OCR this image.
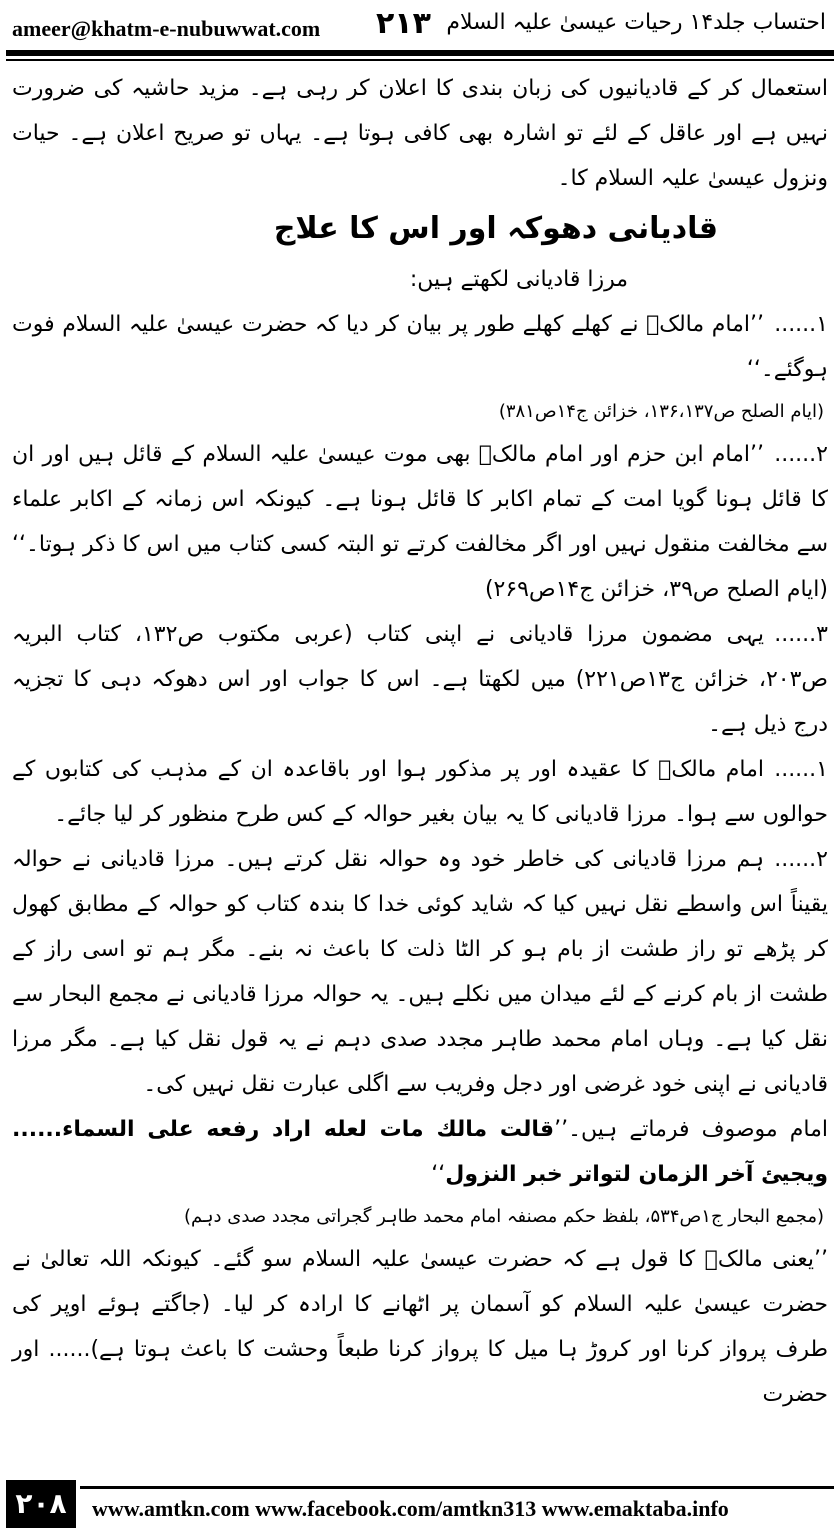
ameer@khatm-e-nubuwwat.com ۲۱۳ احتساب جلد۱۴ رحیات عیسیٰ علیہ السلام

استعمال کر کے قادیانیوں کی زبان بندی کا اعلان کر رہی ہے۔ مزید حاشیہ کی ضرورت نہیں ہے اور عاقل کے لئے تو اشارہ بھی کافی ہوتا ہے۔ یہاں تو صریح اعلان ہے۔ حیات ونزول عیسیٰ علیہ السلام کا۔

قادیانی دھوکہ اور اس کا علاج

مرزا قادیانی لکھتے ہیں:

۱......’’امام مالکؒ نے کھلے کھلے طور پر بیان کر دیا کہ حضرت عیسیٰ علیہ السلام فوت ہوگئے۔‘‘

(ایام الصلح ص۱۳۶،۱۳۷، خزائن ج۱۴ص۳۸۱)

۲......’’امام ابن حزم اور امام مالکؒ بھی موت عیسیٰ علیہ السلام کے قائل ہیں اور ان کا قائل ہونا گویا امت کے تمام اکابر کا قائل ہونا ہے۔ کیونکہ اس زمانہ کے اکابر علماء سے مخالفت منقول نہیں اور اگر مخالفت کرتے تو البتہ کسی کتاب میں اس کا ذکر ہوتا۔‘‘ (ایام الصلح ص۳۹، خزائن ج۱۴ص۲۶۹)

۳......یہی مضمون مرزا قادیانی نے اپنی کتاب (عربی مکتوب ص۱۳۲، کتاب البریہ ص۲۰۳، خزائن ج۱۳ص۲۲۱) میں لکھتا ہے۔ اس کا جواب اور اس دھوکہ دہی کا تجزیہ درج ذیل ہے۔

۱......امام مالکؒ کا عقیدہ اور پر مذکور ہوا اور باقاعدہ ان کے مذہب کی کتابوں کے حوالوں سے ہوا۔ مرزا قادیانی کا یہ بیان بغیر حوالہ کے کس طرح منظور کر لیا جائے۔

۲......ہم مرزا قادیانی کی خاطر خود وہ حوالہ نقل کرتے ہیں۔ مرزا قادیانی نے حوالہ یقیناً اس واسطے نقل نہیں کیا کہ شاید کوئی خدا کا بندہ کتاب کو حوالہ کے مطابق کھول کر پڑھے تو راز طشت از بام ہو کر الٹا ذلت کا باعث نہ بنے۔ مگر ہم تو اسی راز کے طشت از بام کرنے کے لئے میدان میں نکلے ہیں۔ یہ حوالہ مرزا قادیانی نے مجمع البحار سے نقل کیا ہے۔ وہاں امام محمد طاہر مجدد صدی دہم نے یہ قول نقل کیا ہے۔ مگر مرزا قادیانی نے اپنی خود غرضی اور دجل وفریب سے اگلی عبارت نقل نہیں کی۔

امام موصوف فرماتے ہیں۔’’قالت مالك مات لعله اراد رفعه علی السماء...... ویجیئ آخر الزمان لتواتر خبر النزول‘‘

(مجمع البحار ج۱ص۵۳۴، بلفظ حکم مصنفہ امام محمد طاہر گجراتی مجدد صدی دہم)

’’یعنی مالکؒ کا قول ہے کہ حضرت عیسیٰ علیہ السلام سو گئے۔ کیونکہ اللہ تعالیٰ نے حضرت عیسیٰ علیہ السلام کو آسمان پر اٹھانے کا ارادہ کر لیا۔ (جاگتے ہوئے اوپر کی طرف پرواز کرنا اور کروڑ ہا میل کا پرواز کرنا طبعاً وحشت کا باعث ہوتا ہے)...... اور حضرت

۲۰۸	www.amtkn.com www.facebook.com/amtkn313 www.emaktaba.info
